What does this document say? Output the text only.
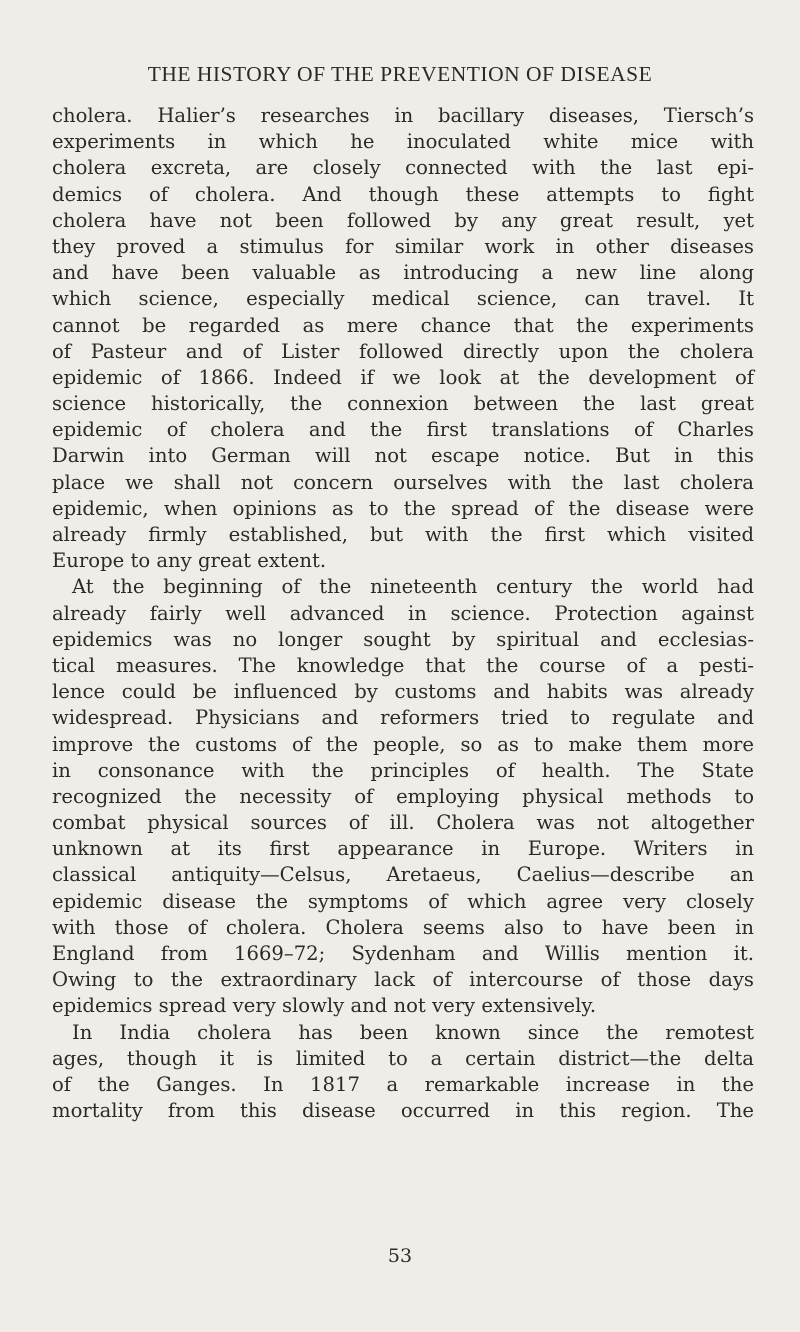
THE HISTORY OF THE PREVENTION OF DISEASE
cholera. Halier’s researches in bacillary diseases, Tiersch’s
experiments in which he inoculated white mice with
cholera excreta, are closely connected with the last epi-
demics of cholera. And though these attempts to fight
cholera have not been followed by any great result, yet
they proved a stimulus for similar work in other diseases
and have been valuable as introducing a new line along
which science, especially medical science, can travel. It
cannot be regarded as mere chance that the experiments
of Pasteur and of Lister followed directly upon the cholera
epidemic of 1866. Indeed if we look at the development of
science historically, the connexion between the last great
epidemic of cholera and the first translations of Charles
Darwin into German will not escape notice. But in this
place we shall not concern ourselves with the last cholera
epidemic, when opinions as to the spread of the disease were
already firmly established, but with the first which visited
Europe to any great extent.
At the beginning of the nineteenth century the world had
already fairly well advanced in science. Protection against
epidemics was no longer sought by spiritual and ecclesias-
tical measures. The knowledge that the course of a pesti-
lence could be influenced by customs and habits was already
widespread. Physicians and reformers tried to regulate and
improve the customs of the people, so as to make them more
in consonance with the principles of health. The State
recognized the necessity of employing physical methods to
combat physical sources of ill. Cholera was not altogether
unknown at its first appearance in Europe. Writers in
classical antiquity—Celsus, Aretaeus, Caelius—describe an
epidemic disease the symptoms of which agree very closely
with those of cholera. Cholera seems also to have been in
England from 1669–72; Sydenham and Willis mention it.
Owing to the extraordinary lack of intercourse of those days
epidemics spread very slowly and not very extensively.
In India cholera has been known since the remotest
ages, though it is limited to a certain district—the delta
of the Ganges. In 1817 a remarkable increase in the
mortality from this disease occurred in this region. The
53
